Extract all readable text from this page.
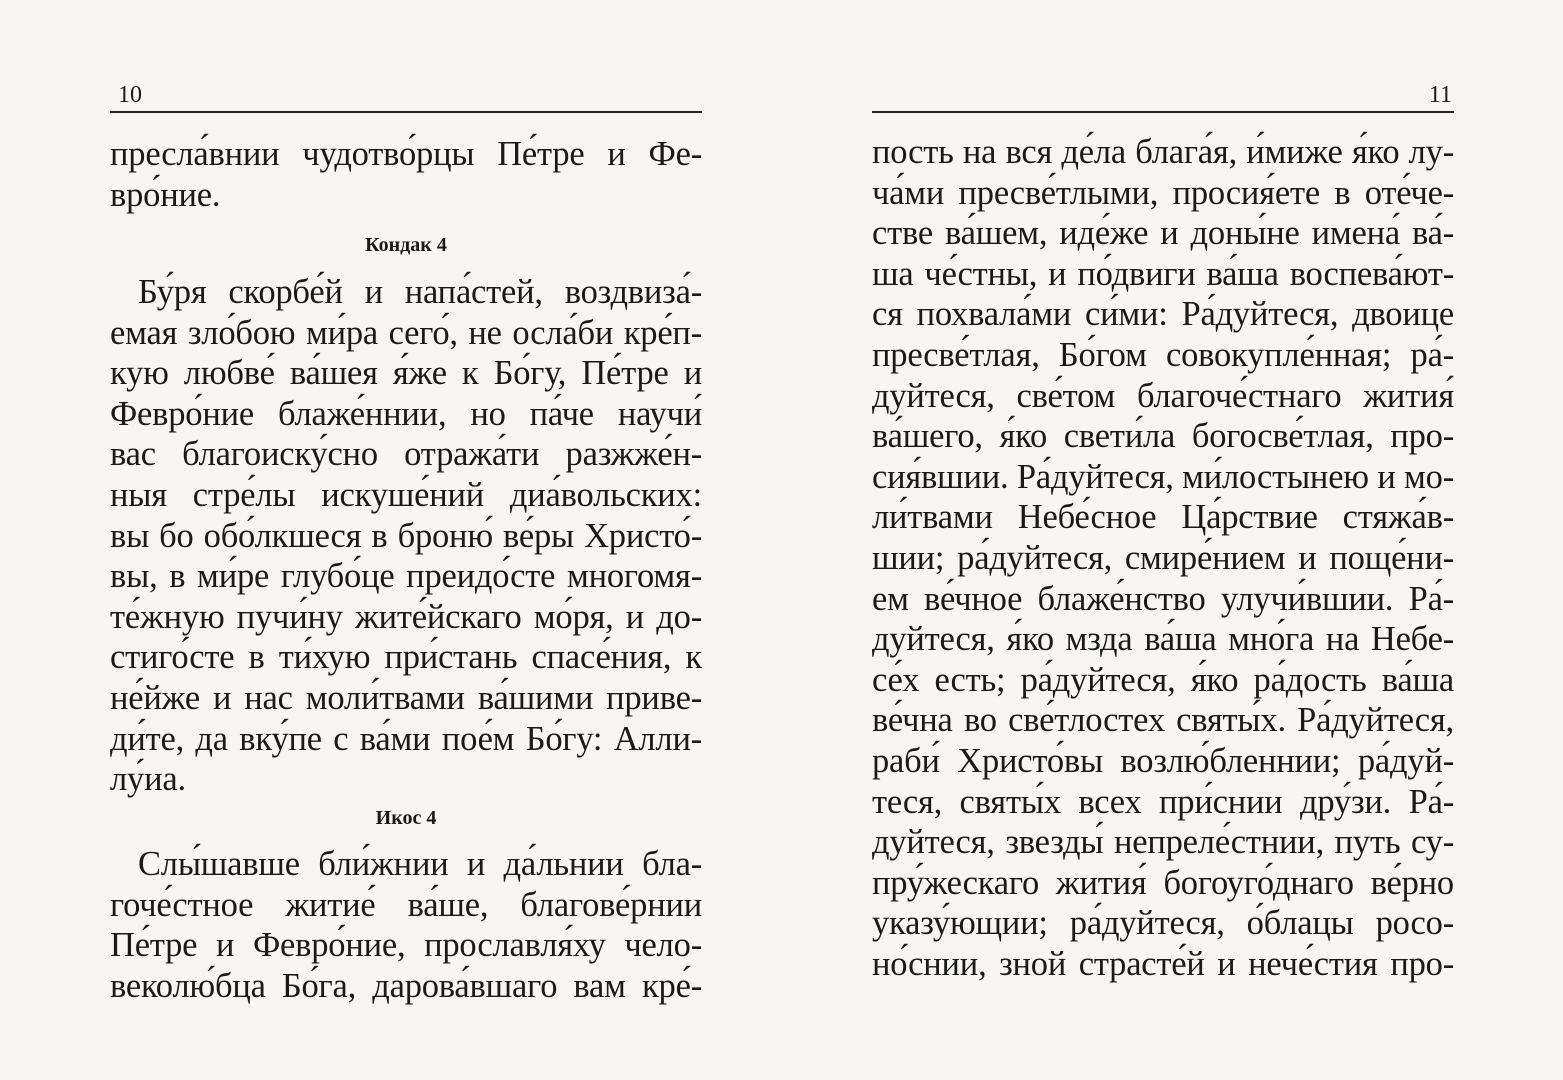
10
пресла́внии чудотво́рцы Пе́тре и Фе-
вро́ние.
Кондак 4
Бу́ря скорбе́й и напа́стей, воздвиза́-
емая зло́бою ми́ра сего́, не осла́би кре́п-
кую любве́ ва́шея я́же к Бо́гу, Пе́тре и
Февро́ние блаже́ннии, но па́че научи́
вас благоиску́сно отража́ти разжже́н-
ныя стре́лы искуше́ний диа́вольских:
вы бо обо́лкшеся в броню́ ве́ры Христо́-
вы, в ми́ре глубо́це преидо́сте многомя-
те́жную пучи́ну жите́йскаго мо́ря, и до-
стиго́сте в ти́хую при́стань спасе́ния, к
не́йже и нас моли́твами ва́шими приве-
ди́те, да вку́пе с ва́ми пое́м Бо́гу: Алли-
лу́иа.
Икос 4
Слы́шавше бли́жнии и да́льнии бла-
гоче́стное житие́ ва́ше, благове́рнии
Пе́тре и Февро́ние, прославля́ху чело-
веколю́бца Бо́га, дарова́вшаго вам кре́-
11
пость на вся де́ла блага́я, и́миже я́ко лу-
ча́ми пресве́тлыми, просия́ете в оте́че-
стве ва́шем, иде́же и доны́не имена́ ва́-
ша че́стны, и по́двиги ва́ша воспева́ют-
ся похвала́ми си́ми: Ра́дуйтеся, двоице
пресве́тлая, Бо́гом совокупле́нная; ра́-
дуйтеся, све́том благоче́стнаго жития́
ва́шего, я́ко свети́ла богосве́тлая, про-
сия́вшии. Ра́дуйтеся, ми́лостынею и мо-
ли́твами Небе́сное Ца́рствие стяжа́в-
шии; ра́дуйтеся, смире́нием и поще́ни-
ем ве́чное блаже́нство улучи́вшии. Ра́-
дуйтеся, я́ко мзда ва́ша мно́га на Небе-
се́х есть; ра́дуйтеся, я́ко ра́дость ва́ша
ве́чна во све́тлостех святы́х. Ра́дуйтеся,
раби́ Христо́вы возлю́бленнии; ра́дуй-
теся, святы́х всех при́снии дру́зи. Ра́-
дуйтеся, звезды́ непреле́стнии, путь су-
пру́жескаго жития́ богоуго́днаго ве́рно
указу́ющии; ра́дуйтеся, о́блацы росо-
но́снии, зной страсте́й и нече́стия про-
